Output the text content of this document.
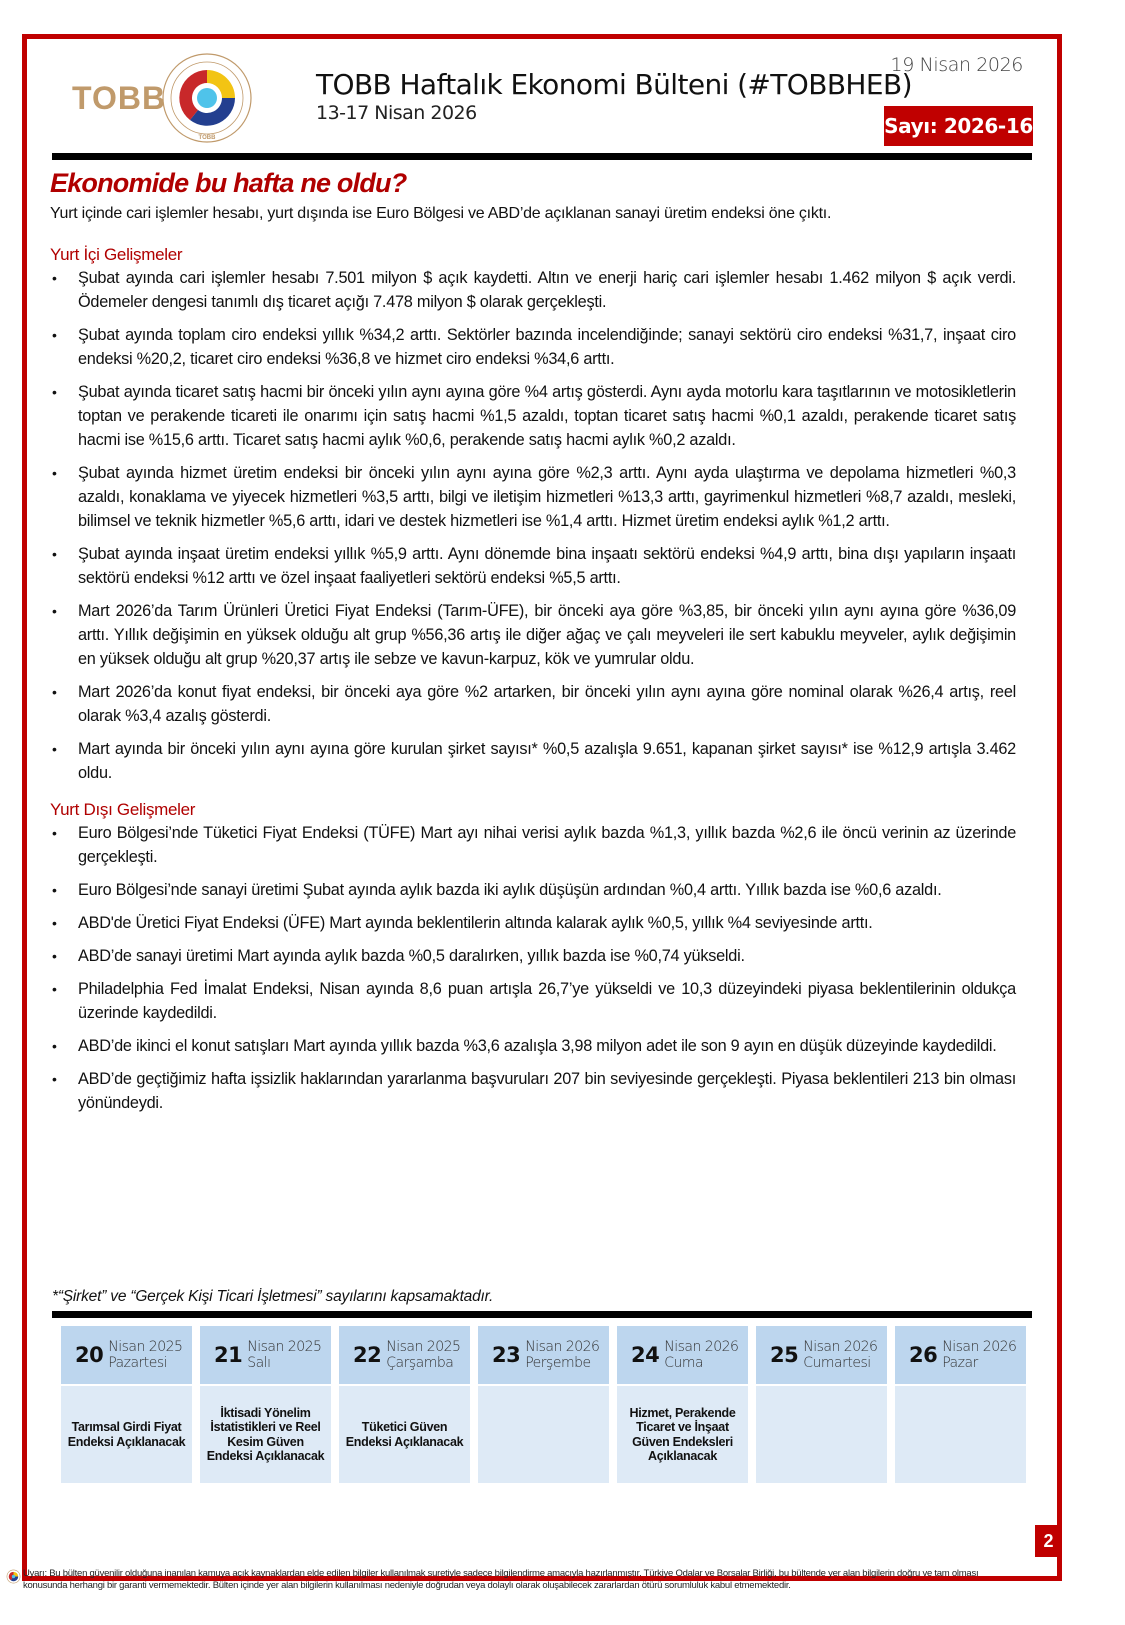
TOBB
TOBB
TOBB Haftalık Ekonomi Bülteni (#TOBBHEB)
13-17 Nisan 2026
19 Nisan 2026
Sayı: 2026-16
Ekonomide bu hafta ne oldu?
Yurt içinde cari işlemler hesabı, yurt dışında ise Euro Bölgesi ve ABD’de açıklanan sanayi üretim endeksi öne çıktı.
Yurt İçi Gelişmeler
• Şubat ayında cari işlemler hesabı 7.501 milyon $ açık kaydetti. Altın ve enerji hariç cari işlemler hesabı 1.462 milyon $ açık verdi. Ödemeler dengesi tanımlı dış ticaret açığı 7.478 milyon $ olarak gerçekleşti.
• Şubat ayında toplam ciro endeksi yıllık %34,2 arttı. Sektörler bazında incelendiğinde; sanayi sektörü ciro endeksi %31,7, inşaat ciro endeksi %20,2, ticaret ciro endeksi %36,8 ve hizmet ciro endeksi %34,6 arttı.
• Şubat ayında ticaret satış hacmi bir önceki yılın aynı ayına göre %4 artış gösterdi. Aynı ayda motorlu kara taşıtlarının ve motosikletlerin toptan ve perakende ticareti ile onarımı için satış hacmi %1,5 azaldı, toptan ticaret satış hacmi %0,1 azaldı, perakende ticaret satış hacmi ise %15,6 arttı. Ticaret satış hacmi aylık %0,6, perakende satış hacmi aylık %0,2 azaldı.
• Şubat ayında hizmet üretim endeksi bir önceki yılın aynı ayına göre %2,3 arttı. Aynı ayda ulaştırma ve depolama hizmetleri %0,3 azaldı, konaklama ve yiyecek hizmetleri %3,5 arttı, bilgi ve iletişim hizmetleri %13,3 arttı, gayrimenkul hizmetleri %8,7 azaldı, mesleki, bilimsel ve teknik hizmetler %5,6 arttı, idari ve destek hizmetleri ise %1,4 arttı. Hizmet üretim endeksi aylık %1,2 arttı.
• Şubat ayında inşaat üretim endeksi yıllık %5,9 arttı. Aynı dönemde bina inşaatı sektörü endeksi %4,9 arttı, bina dışı yapıların inşaatı sektörü endeksi %12 arttı ve özel inşaat faaliyetleri sektörü endeksi %5,5 arttı.
• Mart 2026’da Tarım Ürünleri Üretici Fiyat Endeksi (Tarım-ÜFE), bir önceki aya göre %3,85, bir önceki yılın aynı ayına göre %36,09 arttı. Yıllık değişimin en yüksek olduğu alt grup %56,36 artış ile diğer ağaç ve çalı meyveleri ile sert kabuklu meyveler, aylık değişimin en yüksek olduğu alt grup %20,37 artış ile sebze ve kavun-karpuz, kök ve yumrular oldu.
• Mart 2026’da konut fiyat endeksi, bir önceki aya göre %2 artarken, bir önceki yılın aynı ayına göre nominal olarak %26,4 artış, reel olarak %3,4 azalış gösterdi.
• Mart ayında bir önceki yılın aynı ayına göre kurulan şirket sayısı* %0,5 azalışla 9.651, kapanan şirket sayısı* ise %12,9 artışla 3.462 oldu.
Yurt Dışı Gelişmeler
• Euro Bölgesi’nde Tüketici Fiyat Endeksi (TÜFE) Mart ayı nihai verisi aylık bazda %1,3, yıllık bazda %2,6 ile öncü verinin az üzerinde gerçekleşti.
• Euro Bölgesi’nde sanayi üretimi Şubat ayında aylık bazda iki aylık düşüşün ardından %0,4 arttı. Yıllık bazda ise %0,6 azaldı.
• ABD'de Üretici Fiyat Endeksi (ÜFE) Mart ayında beklentilerin altında kalarak aylık %0,5, yıllık %4 seviyesinde arttı.
• ABD’de sanayi üretimi Mart ayında aylık bazda %0,5 daralırken, yıllık bazda ise %0,74 yükseldi.
• Philadelphia Fed İmalat Endeksi, Nisan ayında 8,6 puan artışla 26,7’ye yükseldi ve 10,3 düzeyindeki piyasa beklentilerinin oldukça üzerinde kaydedildi.
• ABD’de ikinci el konut satışları Mart ayında yıllık bazda %3,6 azalışla 3,98 milyon adet ile son 9 ayın en düşük düzeyinde kaydedildi.
• ABD’de geçtiğimiz hafta işsizlik haklarından yararlanma başvuruları 207 bin seviyesinde gerçekleşti. Piyasa beklentileri 213 bin olması yönündeydi.
*“Şirket” ve “Gerçek Kişi Ticari İşletmesi” sayılarını kapsamaktadır.
20 Nisan 2025
Pazartesi
Tarımsal Girdi Fiyat Endeksi Açıklanacak
21 Nisan 2025
Salı
İktisadi Yönelim İstatistikleri ve Reel Kesim Güven Endeksi Açıklanacak
22 Nisan 2025
Çarşamba
Tüketici Güven Endeksi Açıklanacak
23 Nisan 2026
Perşembe	24 Nisan 2026
Cuma
Hizmet, Perakende Ticaret ve İnşaat Güven Endeksleri Açıklanacak
25 Nisan 2026
Cumartesi	26 Nisan 2026
Pazar
2
Uyarı: Bu bülten güvenilir olduğuna inanılan kamuya açık kaynaklardan elde edilen bilgiler kullanılmak suretiyle sadece bilgilendirme amacıyla hazırlanmıştır. Türkiye Odalar ve Borsalar Birliği, bu bültende yer alan bilgilerin doğru ve tam olması konusunda herhangi bir garanti vermemektedir. Bülten içinde yer alan bilgilerin kullanılması nedeniyle doğrudan veya dolaylı olarak oluşabilecek zararlardan ötürü sorumluluk kabul etmemektedir.
